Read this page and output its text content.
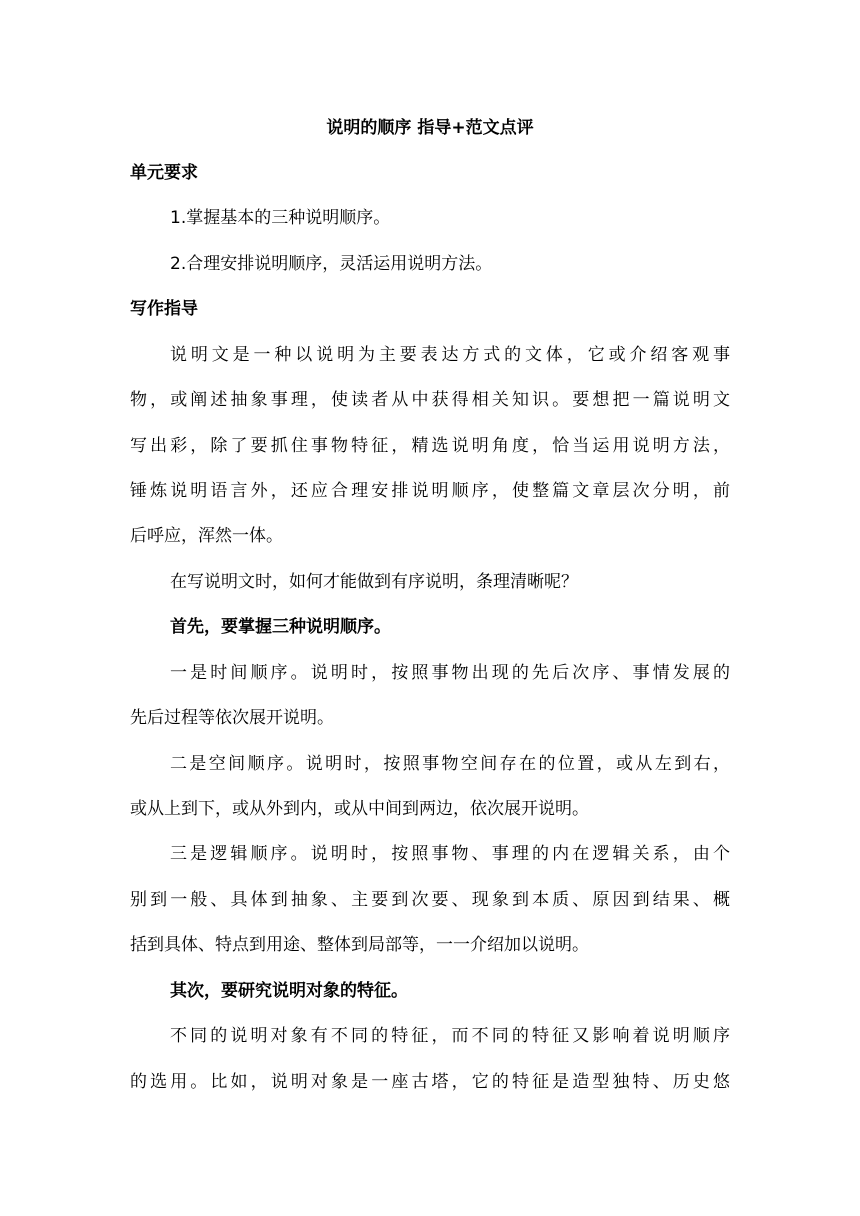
说明的顺序 指导+范文点评
单元要求
1.掌握基本的三种说明顺序。
2.合理安排说明顺序，灵活运用说明方法。
写作指导
说明文是一种以说明为主要表达方式的文体，它或介绍客观事
物，或阐述抽象事理，使读者从中获得相关知识。要想把一篇说明文
写出彩，除了要抓住事物特征，精选说明角度，恰当运用说明方法，
锤炼说明语言外，还应合理安排说明顺序，使整篇文章层次分明，前
后呼应，浑然一体。
在写说明文时，如何才能做到有序说明，条理清晰呢？
首先，要掌握三种说明顺序。
一是时间顺序。说明时，按照事物出现的先后次序、事情发展的
先后过程等依次展开说明。
二是空间顺序。说明时，按照事物空间存在的位置，或从左到右，
或从上到下，或从外到内，或从中间到两边，依次展开说明。
三是逻辑顺序。说明时，按照事物、事理的内在逻辑关系，由个
别到一般、具体到抽象、主要到次要、现象到本质、原因到结果、概
括到具体、特点到用途、整体到局部等，一一介绍加以说明。
其次，要研究说明对象的特征。
不同的说明对象有不同的特征，而不同的特征又影响着说明顺序
的选用。比如，说明对象是一座古塔，它的特征是造型独特、历史悠
